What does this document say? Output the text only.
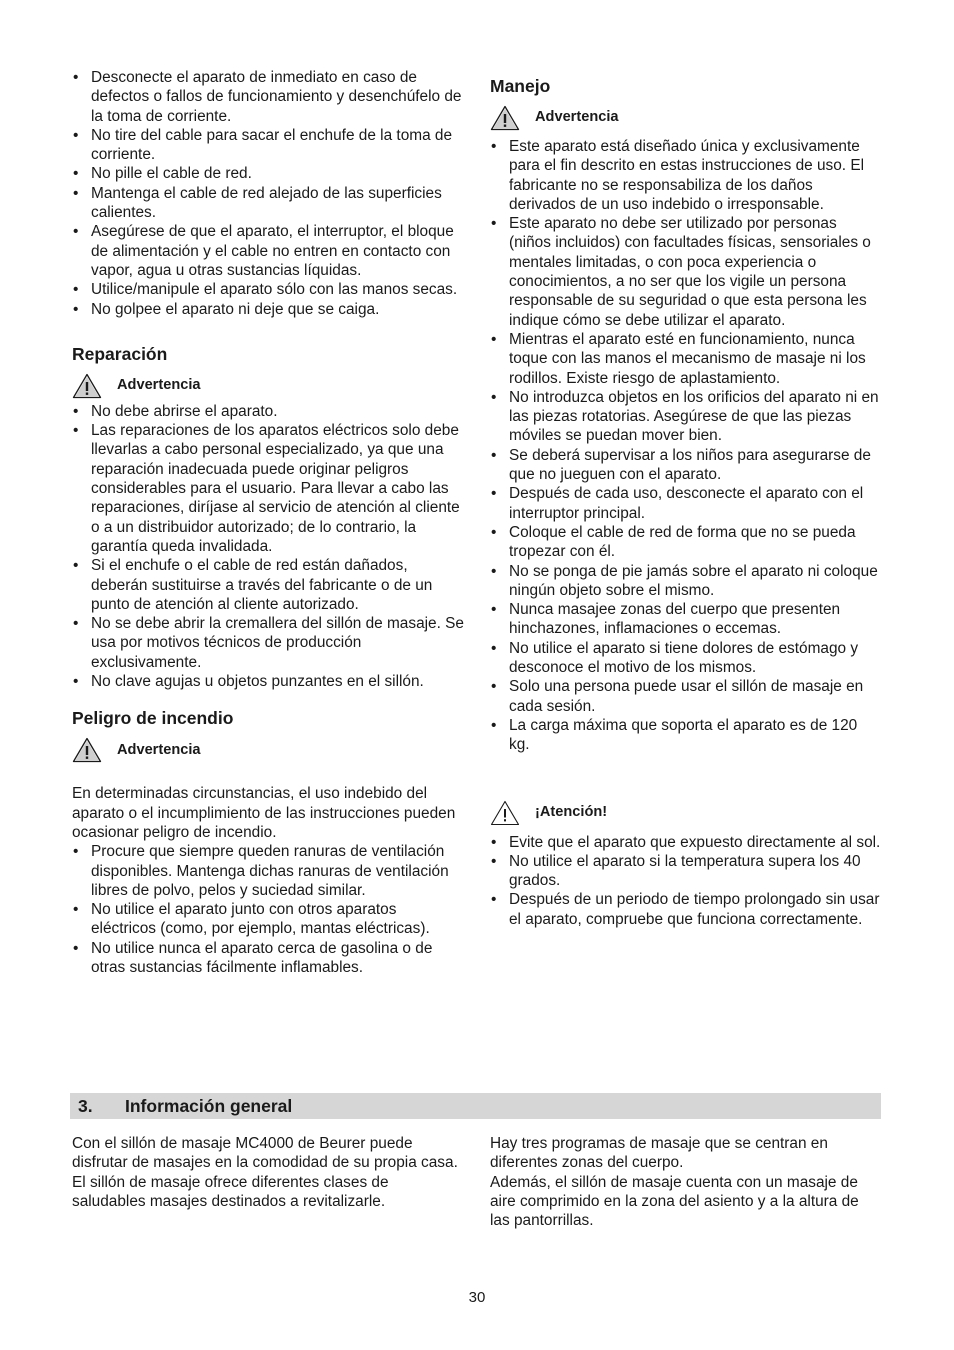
• Desconecte el aparato de inmediato en caso de defectos o fallos de funcionamiento y desenchúfelo de la toma de corriente.
• No tire del cable para sacar el enchufe de la toma de corriente.
• No pille el cable de red.
• Mantenga el cable de red alejado de las superficies calientes.
• Asegúrese de que el aparato, el interruptor, el bloque de alimentación y el cable no entren en contacto con vapor, agua u otras sustancias líquidas.
• Utilice/manipule el aparato sólo con las manos secas.
• No golpee el aparato ni deje que se caiga.
Reparación
Advertencia
• No debe abrirse el aparato.
• Las reparaciones de los aparatos eléctricos solo debe llevarlas a cabo personal especializado, ya que una reparación inadecuada puede originar peligros considerables para el usuario. Para llevar a cabo las reparaciones, diríjase al servicio de atención al cliente o a un distribuidor autorizado; de lo contrario, la garantía queda invalidada.
• Si el enchufe o el cable de red están dañados, deberán sustituirse a través del fabricante o de un punto de atención al cliente autorizado.
• No se debe abrir la cremallera del sillón de masaje. Se usa por motivos técnicos de producción exclusivamente.
• No clave agujas u objetos punzantes en el sillón.
Peligro de incendio
Advertencia

En determinadas circunstancias, el uso indebido del aparato o el incumplimiento de las instrucciones pueden ocasionar peligro de incendio.

• Procure que siempre queden ranuras de ventilación disponibles. Mantenga dichas ranuras de ventilación libres de polvo, pelos y suciedad similar.
• No utilice el aparato junto con otros aparatos eléctricos (como, por ejemplo, mantas eléctricas).
• No utilice nunca el aparato cerca de gasolina o de otras sustancias fácilmente inflamables.
Manejo
Advertencia
• Este aparato está diseñado única y exclusivamente para el fin descrito en estas instrucciones de uso. El fabricante no se responsabiliza de los daños derivados de un uso indebido o irresponsable.
• Este aparato no debe ser utilizado por personas (niños incluidos) con facultades físicas, sensoriales o mentales limitadas, o con poca experiencia o conocimientos, a no ser que los vigile un persona responsable de su seguridad o que esta persona les indique cómo se debe utilizar el aparato.
• Mientras el aparato esté en funcionamiento, nunca toque con las manos el mecanismo de masaje ni los rodillos. Existe riesgo de aplastamiento.
• No introduzca objetos en los orificios del aparato ni en las piezas rotatorias. Asegúrese de que las piezas móviles se puedan mover bien.
• Se deberá supervisar a los niños para asegurarse de que no jueguen con el aparato.
• Después de cada uso, desconecte el aparato con el interruptor principal.
• Coloque el cable de red de forma que no se pueda tropezar con él.
• No se ponga de pie jamás sobre el aparato ni coloque ningún objeto sobre el mismo.
• Nunca masajee zonas del cuerpo que presenten hinchazones, inflamaciones o eccemas.
• No utilice el aparato si tiene dolores de estómago y desconoce el motivo de los mismos.
• Solo una persona puede usar el sillón de masaje en cada sesión.
• La carga máxima que soporta el aparato es de 120 kg.
¡Atención!
• Evite que el aparato que expuesto directamente al sol.
• No utilice el aparato si la temperatura supera los 40 grados.
• Después de un periodo de tiempo prolongado sin usar el aparato, compruebe que funciona correctamente.
3. Información general
Con el sillón de masaje MC4000 de Beurer puede disfrutar de masajes en la comodidad de su propia casa.
El sillón de masaje ofrece diferentes clases de saludables masajes destinados a revitalizarle.
Hay tres programas de masaje que se centran en diferentes zonas del cuerpo.
Además, el sillón de masaje cuenta con un masaje de aire comprimido en la zona del asiento y a la altura de las pantorrillas.
30
